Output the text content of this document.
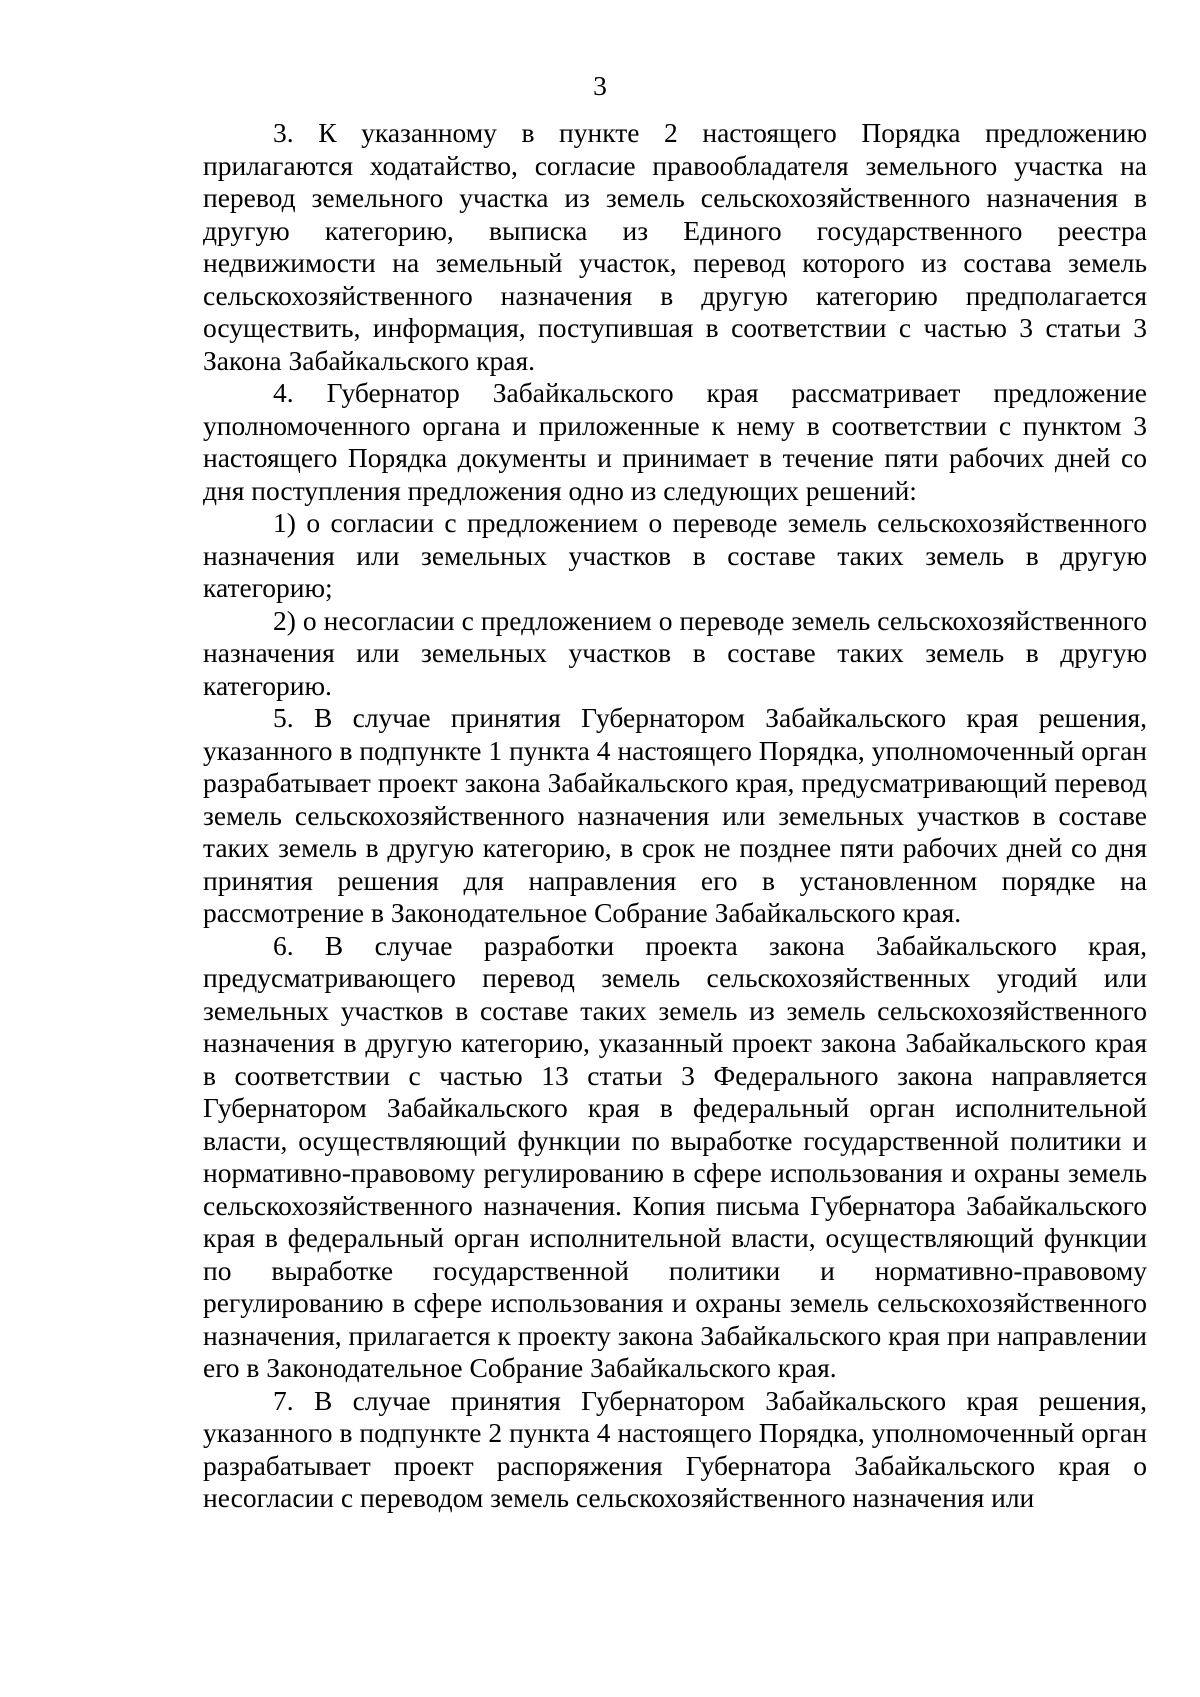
3

3. К указанному в пункте 2 настоящего Порядка предложению прилагаются ходатайство, согласие правообладателя земельного участка на перевод земельного участка из земель сельскохозяйственного назначения в другую категорию, выписка из Единого государственного реестра недвижимости на земельный участок, перевод которого из состава земель сельскохозяйственного назначения в другую категорию предполагается осуществить, информация, поступившая в соответствии с частью 3 статьи 3 Закона Забайкальского края.

4. Губернатор Забайкальского края рассматривает предложение уполномоченного органа и приложенные к нему в соответствии с пунктом 3 настоящего Порядка документы и принимает в течение пяти рабочих дней со дня поступления предложения одно из следующих решений:

1) о согласии с предложением о переводе земель сельскохозяйственного назначения или земельных участков в составе таких земель в другую категорию;

2) о несогласии с предложением о переводе земель сельскохозяйственного назначения или земельных участков в составе таких земель в другую категорию.

5. В случае принятия Губернатором Забайкальского края решения, указанного в подпункте 1 пункта 4 настоящего Порядка, уполномоченный орган разрабатывает проект закона Забайкальского края, предусматривающий перевод земель сельскохозяйственного назначения или земельных участков в составе таких земель в другую категорию, в срок не позднее пяти рабочих дней со дня принятия решения для направления его в установленном порядке на рассмотрение в Законодательное Собрание Забайкальского края.

6. В случае разработки проекта закона Забайкальского края, предусматривающего перевод земель сельскохозяйственных угодий или земельных участков в составе таких земель из земель сельскохозяйственного назначения в другую категорию, указанный проект закона Забайкальского края в соответствии с частью 13 статьи 3 Федерального закона направляется Губернатором Забайкальского края в федеральный орган исполнительной власти, осуществляющий функции по выработке государственной политики и нормативно-правовому регулированию в сфере использования и охраны земель сельскохозяйственного назначения. Копия письма Губернатора Забайкальского края в федеральный орган исполнительной власти, осуществляющий функции по выработке государственной политики и нормативно-правовому регулированию в сфере использования и охраны земель сельскохозяйственного назначения, прилагается к проекту закона Забайкальского края при направлении его в Законодательное Собрание Забайкальского края.

7. В случае принятия Губернатором Забайкальского края решения, указанного в подпункте 2 пункта 4 настоящего Порядка, уполномоченный орган разрабатывает проект распоряжения Губернатора Забайкальского края о несогласии с переводом земель сельскохозяйственного назначения или
